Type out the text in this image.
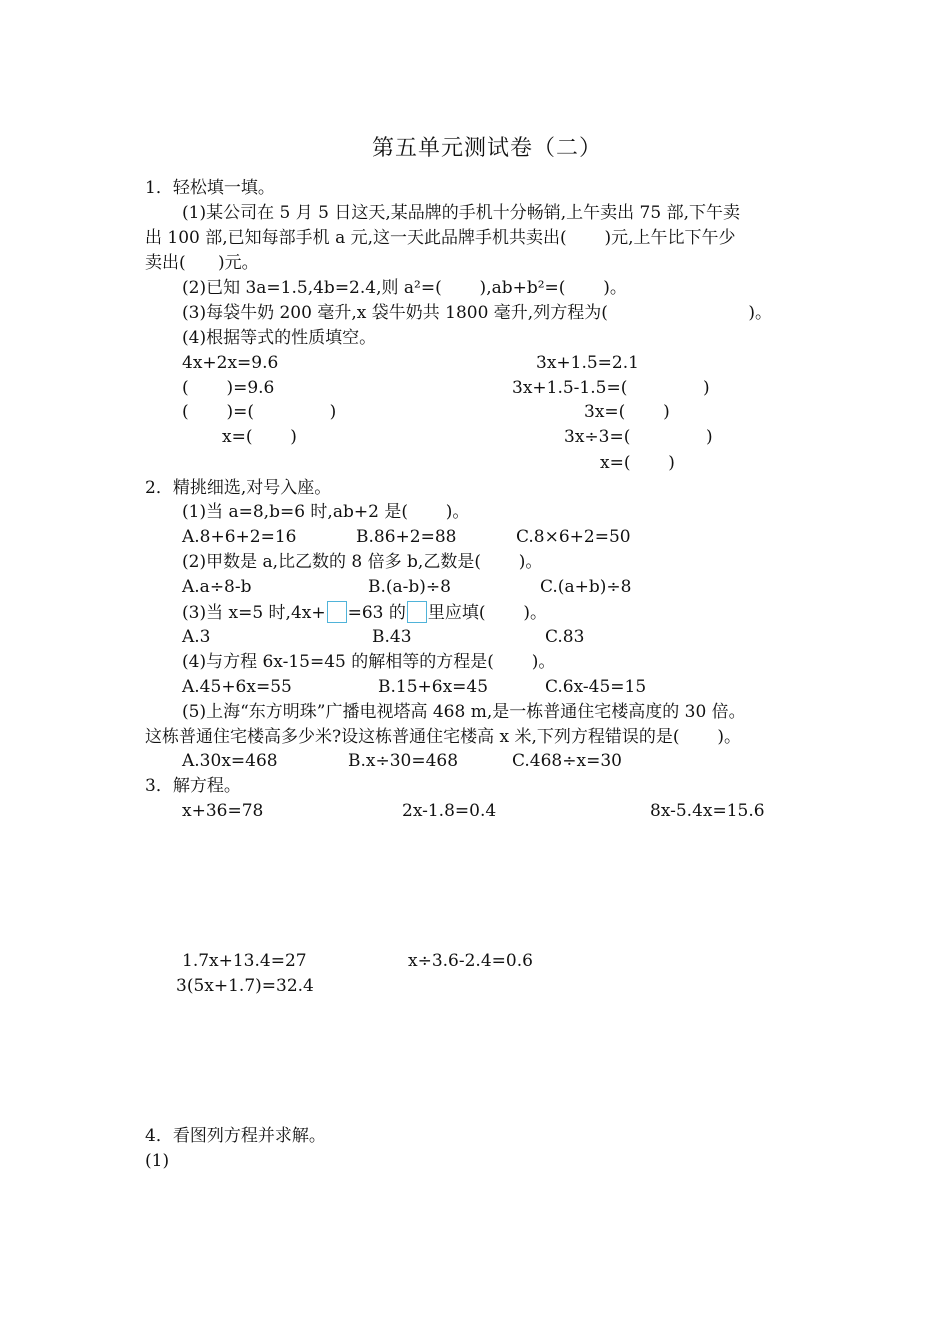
第五单元测试卷（二）
1．轻松填一填。
(1)某公司在 5 月 5 日这天,某品牌的手机十分畅销,上午卖出 75 部,下午卖
出 100 部,已知每部手机 a 元,这一天此品牌手机共卖出(       )元,上午比下午少
卖出(      )元。
(2)已知 3a=1.5,4b=2.4,则 a²=(       ),ab+b²=(       )。
(3)每袋牛奶 200 毫升,x 袋牛奶共 1800 毫升,列方程为(                          )。
(4)根据等式的性质填空。
4x+2x=9.6
(       )=9.6
(       )=(              )
x=(       )
3x+1.5=2.1
3x+1.5-1.5=(              )
3x=(       )
3x÷3=(              )
x=(       )
2．精挑细选,对号入座。
(1)当 a=8,b=6 时,ab+2 是(       )。
A.8+6+2=16	B.86+2=88	C.8×6+2=50
(2)甲数是 a,比乙数的 8 倍多 b,乙数是(       )。
A.a÷8-b	B.(a-b)÷8	C.(a+b)÷8
(3)当 x=5 时,4x+ =63 的 里应填(       )。
A.3	B.43	C.83
(4)与方程 6x-15=45 的解相等的方程是(       )。
A.45+6x=55	B.15+6x=45	C.6x-45=15
(5)上海“东方明珠”广播电视塔高 468 m,是一栋普通住宅楼高度的 30 倍。
这栋普通住宅楼高多少米?设这栋普通住宅楼高 x 米,下列方程错误的是(       )。
A.30x=468	B.x÷30=468	C.468÷x=30
3．解方程。
x+36=78	2x-1.8=0.4	8x-5.4x=15.6
1.7x+13.4=27	x÷3.6-2.4=0.6
3(5x+1.7)=32.4
4．看图列方程并求解。
(1)
